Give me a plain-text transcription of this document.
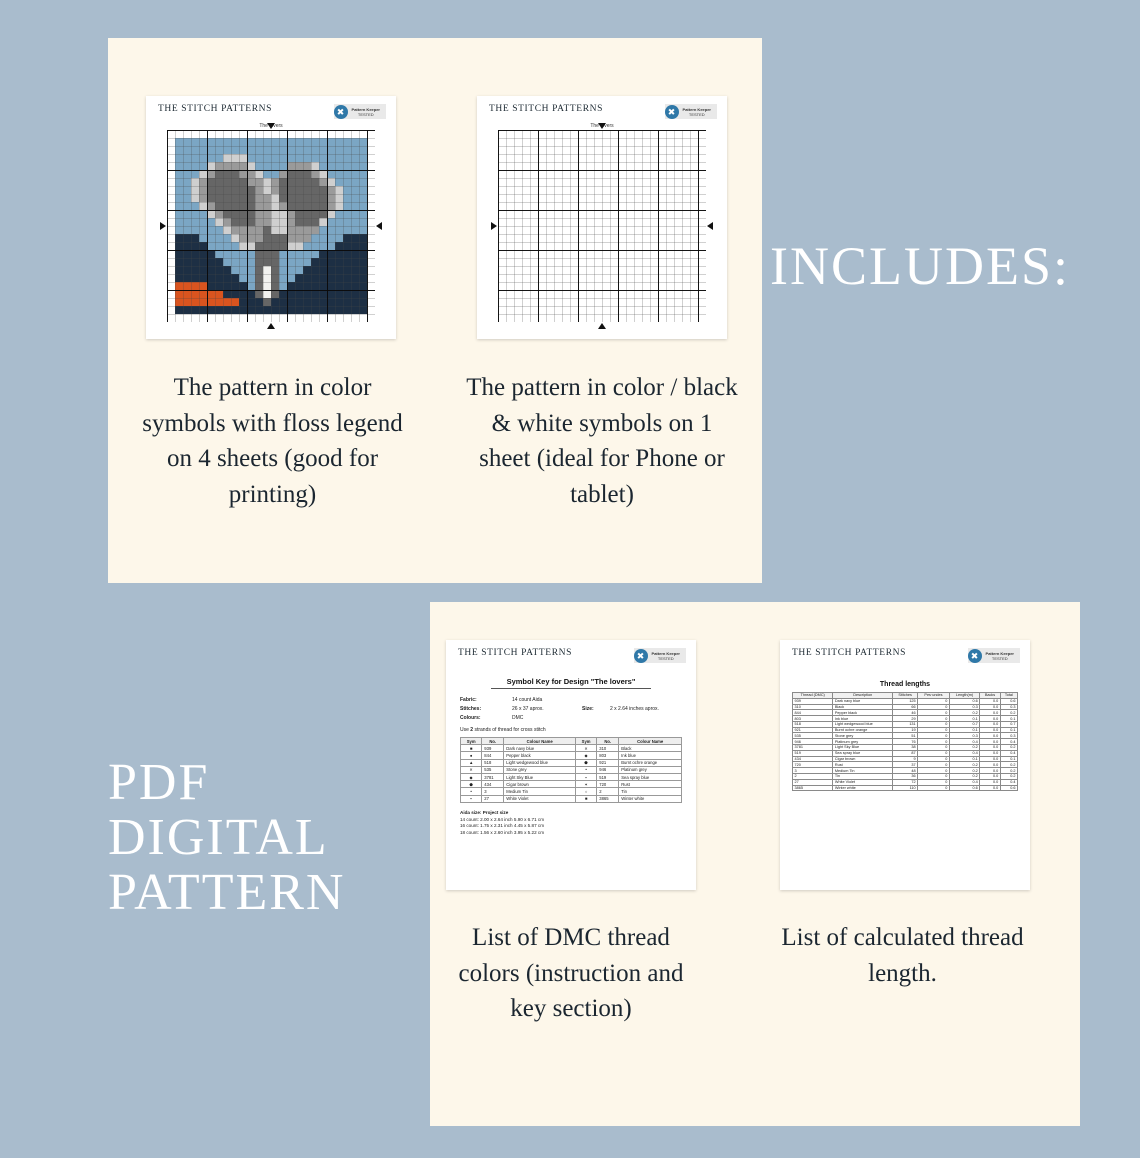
THE STITCH PATTERNS	✖	Pattern Keeper
TESTED
The lovers
The pattern in color symbols with floss legend on 4 sheets (good for printing)
THE STITCH PATTERNS	✖	Pattern Keeper
TESTED
The lovers
The pattern in color / black & white symbols on 1 sheet (ideal for Phone or tablet)
INCLUDES:
PDF
DIGITAL
PATTERN
THE STITCH PATTERNS	✖	Pattern Keeper
TESTED
Symbol Key for Design "The lovers"
Fabric:	14 count Aida
Stitches:	26 x 37 aprox.	Size:	2 x 2.64 inches aprox.
Colours:	DMC
Use 2 strands of thread for cross stitch
Sym	No.	Colour Name	Sym	No.	Colour Name
■	939	Dark navy blue	✕	310	Black
●	844	Pepper black	◆	803	Ink blue
▲	518	Light wedgewood blue	⬟	921	Burnt ochre orange
✕	535	Stone grey	•	946	Platinum grey
◆	3781	Light Sky Blue	▪	519	Sea spray blue
⬟	434	Cigar brown	✶	720	Rust
•	3	Medium Tin	○	2	Tin
▪	27	White Violet	■	3865	Winter white
Aida size: Project size
14 count: 2.00 x 2.64 inch 5.90 x 6.71 cm
16 count: 1.75 x 2.31 inch 4.45 x 5.87 cm
18 count: 1.56 x 2.60 inch 3.95 x 5.22 cm
List of DMC thread colors (instruction and key section)
THE STITCH PATTERNS	✖	Pattern Keeper
TESTED
Thread lengths
Thread (DMC)	Description	Stitches	Pes·undes	Length(m)	Backs	Total
939	Dark navy blue	125	0	0.6	0.0	0.6
310	Black	66	0	0.3	0.0	0.3
844	Pepper black	46	0	0.2	0.0	0.2
803	Ink blue	29	0	0.1	0.0	0.1
518	Light wedgewood blue	131	0	0.7	0.0	0.7
921	Burnt ochre orange	19	0	0.1	0.0	0.1
535	Stone grey	51	0	0.3	0.0	0.3
946	Platinum grey	76	0	0.4	0.0	0.4
3781	Light Sky Blue	38	0	0.2	0.0	0.2
519	Sea spray blue	87	0	0.4	0.0	0.4
434	Cigar brown	9	0	0.1	0.0	0.1
720	Rust	37	0	0.2	0.0	0.2
3	Medium Tin	48	0	0.2	0.0	0.2
2	Tin	36	0	0.2	0.0	0.2
27	White Violet	72	0	0.4	0.0	0.4
3865	Winter white	110	0	0.6	0.0	0.6
List of calculated thread length.
